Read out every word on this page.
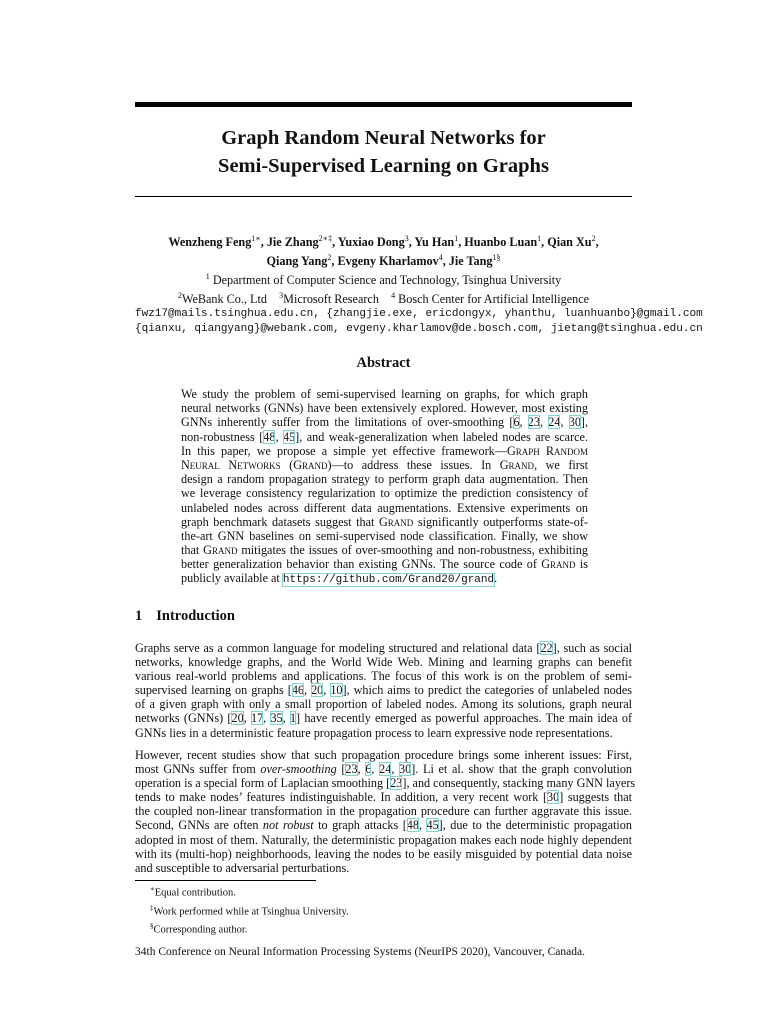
Graph Random Neural Networks for
Semi-Supervised Learning on Graphs
Wenzheng Feng$^{1∗}$, Jie Zhang$^{2∗\ddagger}$, Yuxiao Dong$^3$, Yu Han$^1$, Huanbo Luan$^1$, Qian Xu$^2$,
Qiang Yang$^2$, Evgeny Kharlamov$^4$, Jie Tang$^{1\S}$
$^1$ Department of Computer Science and Technology, Tsinghua University
$^2$WeBank Co., Ltd $^3$Microsoft Research $^4$ Bosch Center for Artificial Intelligence
fwz17@mails.tsinghua.edu.cn, {zhangjie.exe, ericdongyx, yhanthu, luanhuanbo}@gmail.com
{qianxu, qiangyang}@webank.com, evgeny.kharlamov@de.bosch.com, jietang@tsinghua.edu.cn
Abstract
We study the problem of semi-supervised learning on graphs, for which graph
neural networks (GNNs) have been extensively explored. However, most existing
GNNs inherently suffer from the limitations of over-smoothing [6, 23, 24, 30],
non-robustness [48, 45], and weak-generalization when labeled nodes are scarce.
In this paper, we propose a simple yet effective framework—Graph Random
Neural Networks (Grand)—to address these issues. In Grand, we first
design a random propagation strategy to perform graph data augmentation. Then
we leverage consistency regularization to optimize the prediction consistency of
unlabeled nodes across different data augmentations. Extensive experiments on
graph benchmark datasets suggest that Grand significantly outperforms state-of-
the-art GNN baselines on semi-supervised node classification. Finally, we show
that Grand mitigates the issues of over-smoothing and non-robustness, exhibiting
better generalization behavior than existing GNNs. The source code of Grand is
publicly available at https://github.com/Grand20/grand.
1 Introduction
Graphs serve as a common language for modeling structured and relational data [22], such as social
networks, knowledge graphs, and the World Wide Web. Mining and learning graphs can benefit
various real-world problems and applications. The focus of this work is on the problem of semi-
supervised learning on graphs [46, 20, 10], which aims to predict the categories of unlabeled nodes
of a given graph with only a small proportion of labeled nodes. Among its solutions, graph neural
networks (GNNs) [20, 17, 35, 1] have recently emerged as powerful approaches. The main idea of
GNNs lies in a deterministic feature propagation process to learn expressive node representations.
However, recent studies show that such propagation procedure brings some inherent issues: First,
most GNNs suffer from over-smoothing [23, 6, 24, 30]. Li et al. show that the graph convolution
operation is a special form of Laplacian smoothing [23], and consequently, stacking many GNN layers
tends to make nodes’ features indistinguishable. In addition, a very recent work [30] suggests that
the coupled non-linear transformation in the propagation procedure can further aggravate this issue.
Second, GNNs are often not robust to graph attacks [48, 45], due to the deterministic propagation
adopted in most of them. Naturally, the deterministic propagation makes each node highly dependent
with its (multi-hop) neighborhoods, leaving the nodes to be easily misguided by potential data noise
and susceptible to adversarial perturbations.
∗Equal contribution.
‡Work performed while at Tsinghua University.
§Corresponding author.
34th Conference on Neural Information Processing Systems (NeurIPS 2020), Vancouver, Canada.
